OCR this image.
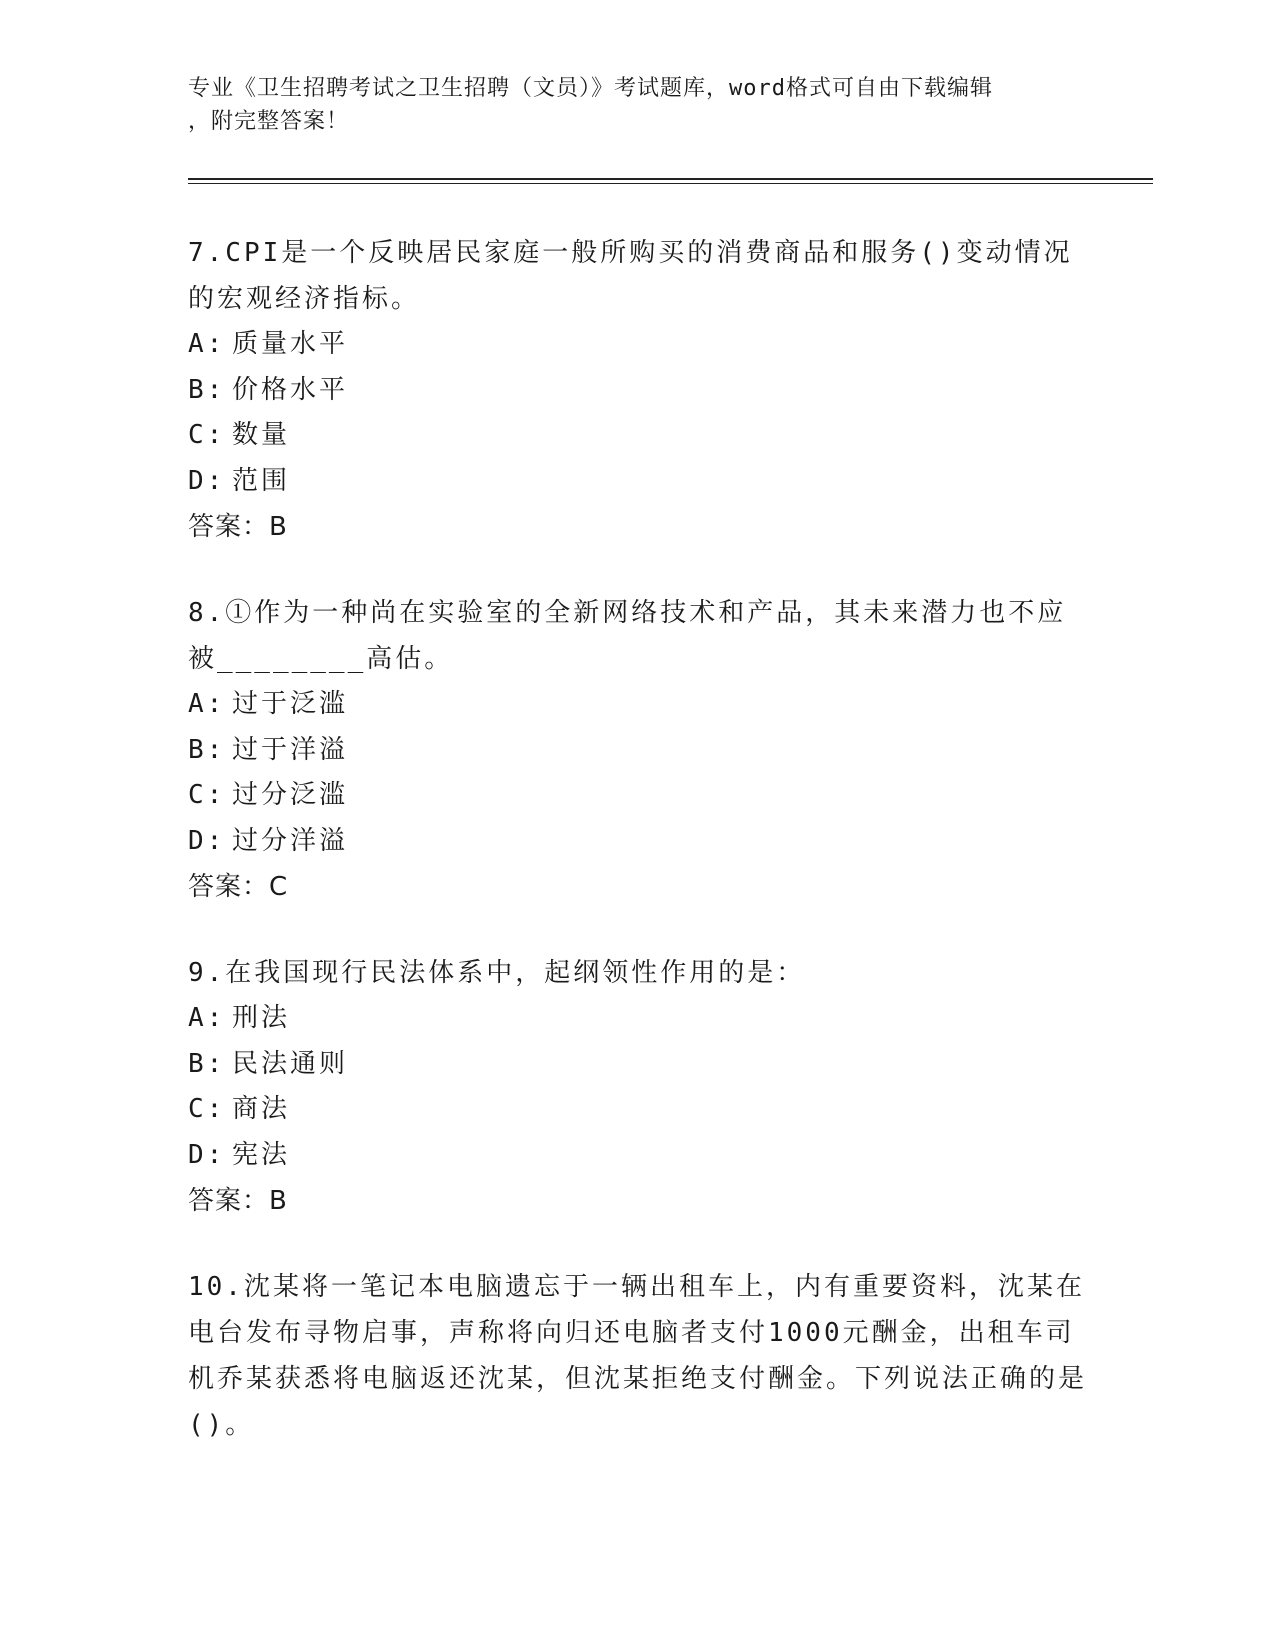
专业《卫生招聘考试之卫生招聘（文员）》考试题库，word格式可自由下载编辑
，附完整答案！

7.CPI是一个反映居民家庭一般所购买的消费商品和服务()变动情况的宏观经济指标。

A: 质量水平

B: 价格水平

C: 数量

D: 范围

答案：B

8.①作为一种尚在实验室的全新网络技术和产品，其未来潜力也不应被________高估。

A: 过于泛滥

B: 过于洋溢

C: 过分泛滥

D: 过分洋溢

答案：C

9.在我国现行民法体系中，起纲领性作用的是：

A: 刑法

B: 民法通则

C: 商法

D: 宪法

答案：B

10.沈某将一笔记本电脑遗忘于一辆出租车上，内有重要资料，沈某在电台发布寻物启事，声称将向归还电脑者支付1000元酬金，出租车司机乔某获悉将电脑返还沈某，但沈某拒绝支付酬金。下列说法正确的是()。
